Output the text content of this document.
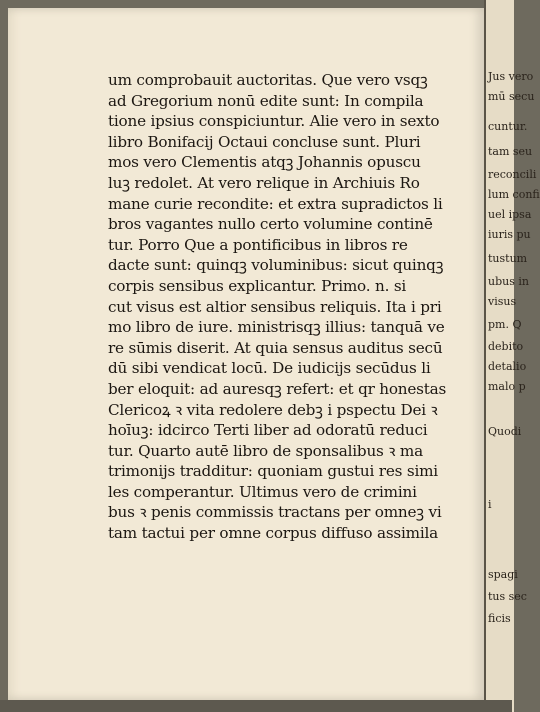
um comprobauit auctoritas. Que vero vsqꝫ
ad Gregorium nonū edite sunt: In compila
tione ipsius conspiciuntur. Alie vero in sexto
libro Bonifacij Octaui concluse sunt. Pluri
mos vero Clementis atqꝫ Johannis opuscu
luꝫ redolet. At vero relique in Archiuis Ro
mane curie recondite: et extra supradictos li
bros vagantes nullo certo volumine continē
tur. Porro Que a pontificibus in libros re
dacte sunt: quinqꝫ voluminibus: sicut quinqꝫ
corpis sensibus explicantur. Primo. n. si
cut visus est altior sensibus reliquis. Ita i pri
mo libro de iure. ministrisqꝫ illius: tanquā ve
re sūmis diserit. At quia sensus auditus secū
dū sibi vendicat locū. De iudicijs secūdus li
ber eloquit: ad auresqꝫ refert: et qr honestas
Clericoꝝ ꝛ vita redolere debꝫ i pspectu Dei ꝛ
hoīuꝫ: idcirco Terti liber ad odoratū reduci
tur. Quarto autē libro de sponsalibus ꝛ ma
trimonijs tradditur: quoniam gustui res simi
les comperantur. Ultimus vero de crimini
bus ꝛ penis commissis tractans per omneꝫ vi
tam tactui per omne corpus diffuso assimila
Jus vero
mū secu
cuntur.
tam seu
reconcili
lum confi
uel ipsa
iuris pu
tustum
ubus in
visus
pm. Q
debito
detalio
malo p
Quodi
i
spagi
tus sec
ficis
